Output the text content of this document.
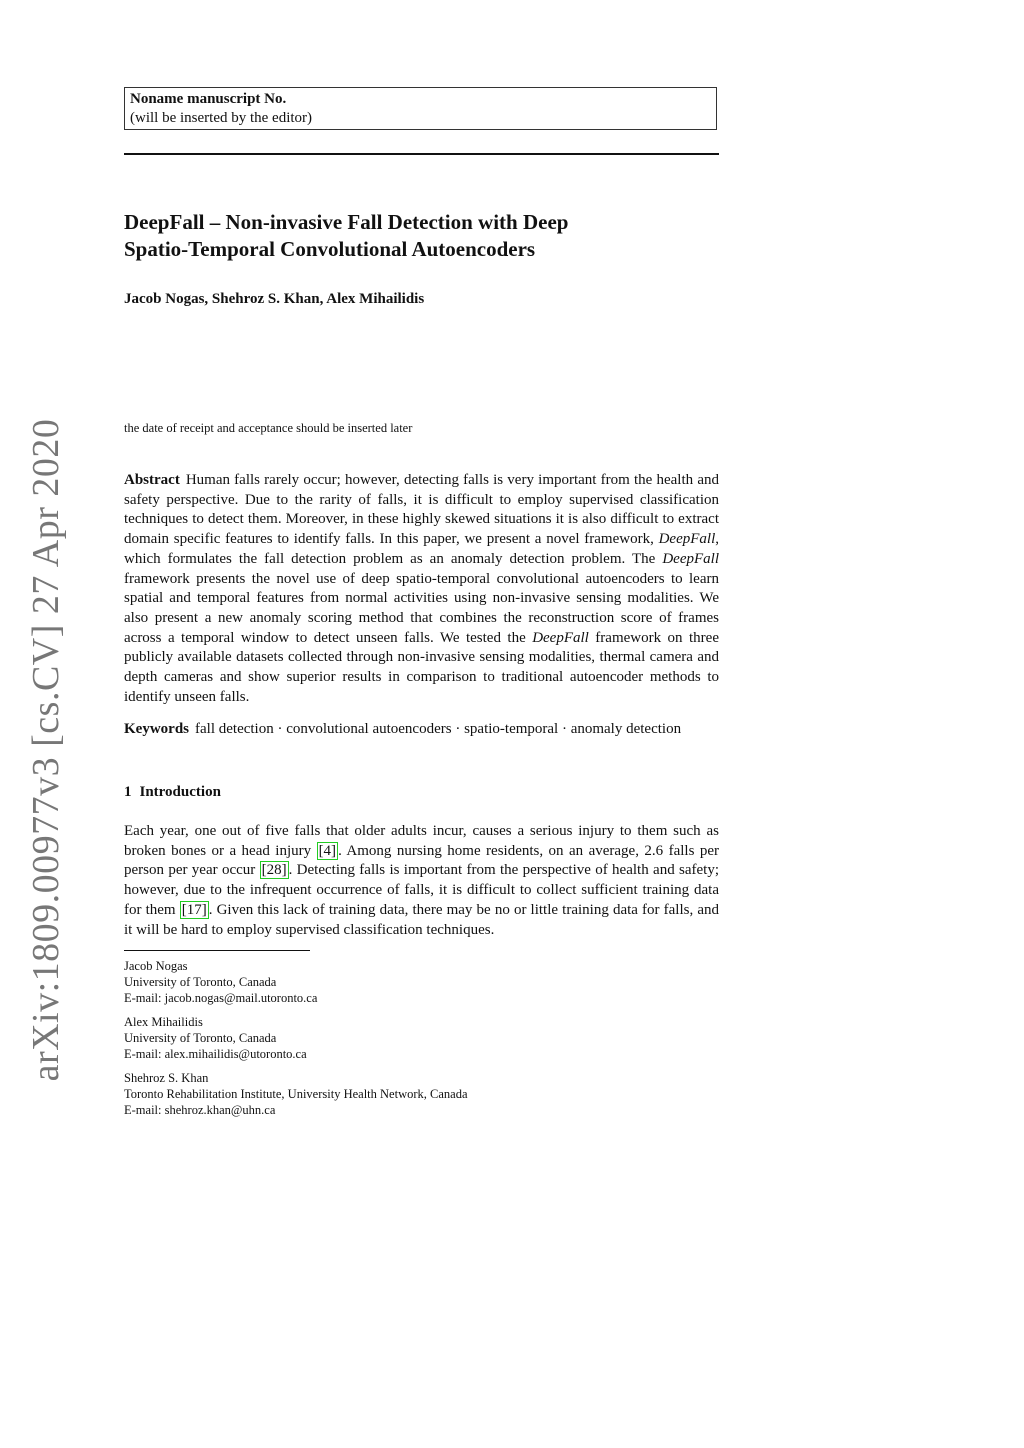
arXiv:1809.00977v3 [cs.CV] 27 Apr 2020
Noname manuscript No.
(will be inserted by the editor)
DeepFall – Non-invasive Fall Detection with Deep
Spatio-Temporal Convolutional Autoencoders
Jacob Nogas, Shehroz S. Khan, Alex Mihailidis
the date of receipt and acceptance should be inserted later
Abstract Human falls rarely occur; however, detecting falls is very important from the health and safety perspective. Due to the rarity of falls, it is difficult to employ supervised classification techniques to detect them. Moreover, in these highly skewed situations it is also difficult to extract domain specific features to identify falls. In this paper, we present a novel framework, DeepFall, which formulates the fall detection problem as an anomaly detection problem. The DeepFall framework presents the novel use of deep spatio-temporal convolutional autoencoders to learn spatial and temporal features from normal activities using non-invasive sensing modalities. We also present a new anomaly scoring method that combines the reconstruction score of frames across a temporal window to detect unseen falls. We tested the DeepFall framework on three publicly available datasets collected through non-invasive sensing modalities, thermal camera and depth cameras and show superior results in comparison to traditional autoencoder methods to identify unseen falls.
Keywords fall detection · convolutional autoencoders · spatio-temporal · anomaly detection
1 Introduction
Each year, one out of five falls that older adults incur, causes a serious injury to them such as broken bones or a head injury [4] . Among nursing home residents, on an average, 2.6 falls per person per year occur [28] . Detecting falls is important from the perspective of health and safety; however, due to the infrequent occurrence of falls, it is difficult to collect sufficient training data for them [17] . Given this lack of training data, there may be no or little training data for falls, and it will be hard to employ supervised classification techniques.
Jacob Nogas
University of Toronto, Canada
E-mail: jacob.nogas@mail.utoronto.ca
Alex Mihailidis
University of Toronto, Canada
E-mail: alex.mihailidis@utoronto.ca
Shehroz S. Khan
Toronto Rehabilitation Institute, University Health Network, Canada
E-mail: shehroz.khan@uhn.ca
